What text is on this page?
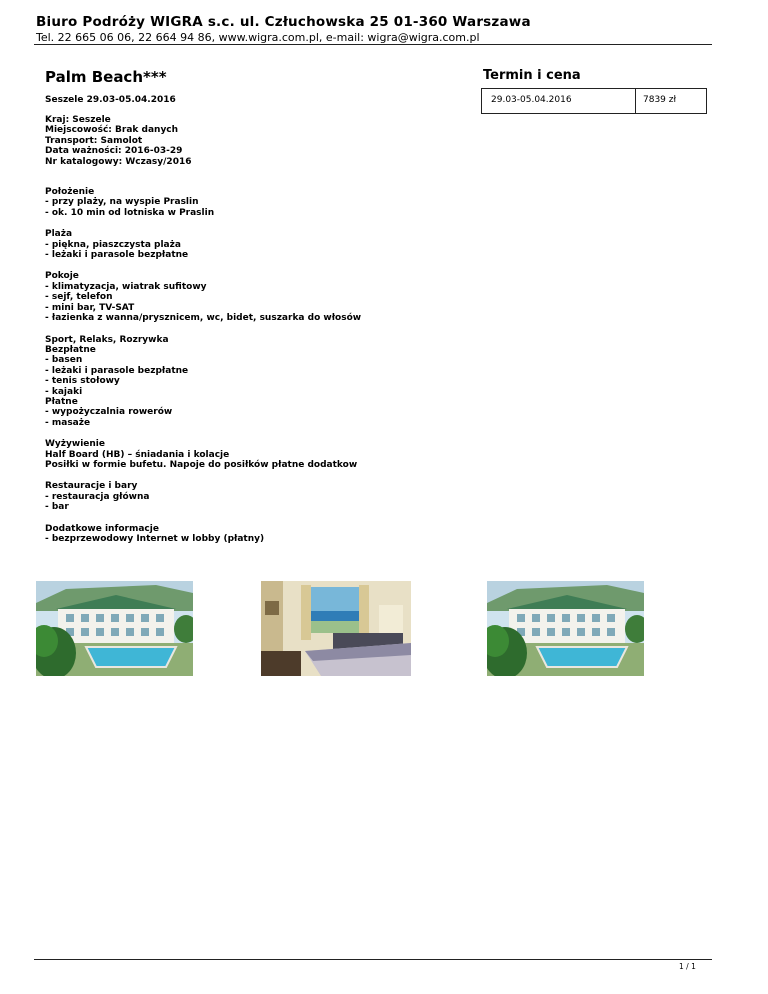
Biuro Podróży WIGRA s.c. ul. Człuchowska 25 01-360 Warszawa
Tel. 22 665 06 06, 22 664 94 86, www.wigra.com.pl, e-mail: wigra@wigra.com.pl
Palm Beach***
Seszele 29.03-05.04.2016
Kraj: Seszele
Miejscowość: Brak danych
Transport: Samolot
Data ważności: 2016-03-29
Nr katalogowy: Wczasy/2016
Położenie
- przy plaży, na wyspie Praslin
- ok. 10 min od lotniska w Praslin
Plaża
- piękna, piaszczysta plaża
- leżaki i parasole bezpłatne
Pokoje
- klimatyzacja, wiatrak sufitowy
- sejf, telefon
- mini bar, TV-SAT
- łazienka z wanna/prysznicem, wc, bidet, suszarka do włosów
Sport, Relaks, Rozrywka
Bezpłatne
- basen
- leżaki i parasole bezpłatne
- tenis stołowy
- kajaki
Płatne
- wypożyczalnia rowerów
- masaże
Wyżywienie
Half Board (HB) – śniadania i kolacje
Posiłki w formie bufetu. Napoje do posiłków płatne dodatkow
Restauracje i bary
- restauracja główna
- bar
Dodatkowe informacje
- bezprzewodowy Internet w lobby (płatny)
Termin i cena
29.03-05.04.2016	7839 zł
1 / 1
